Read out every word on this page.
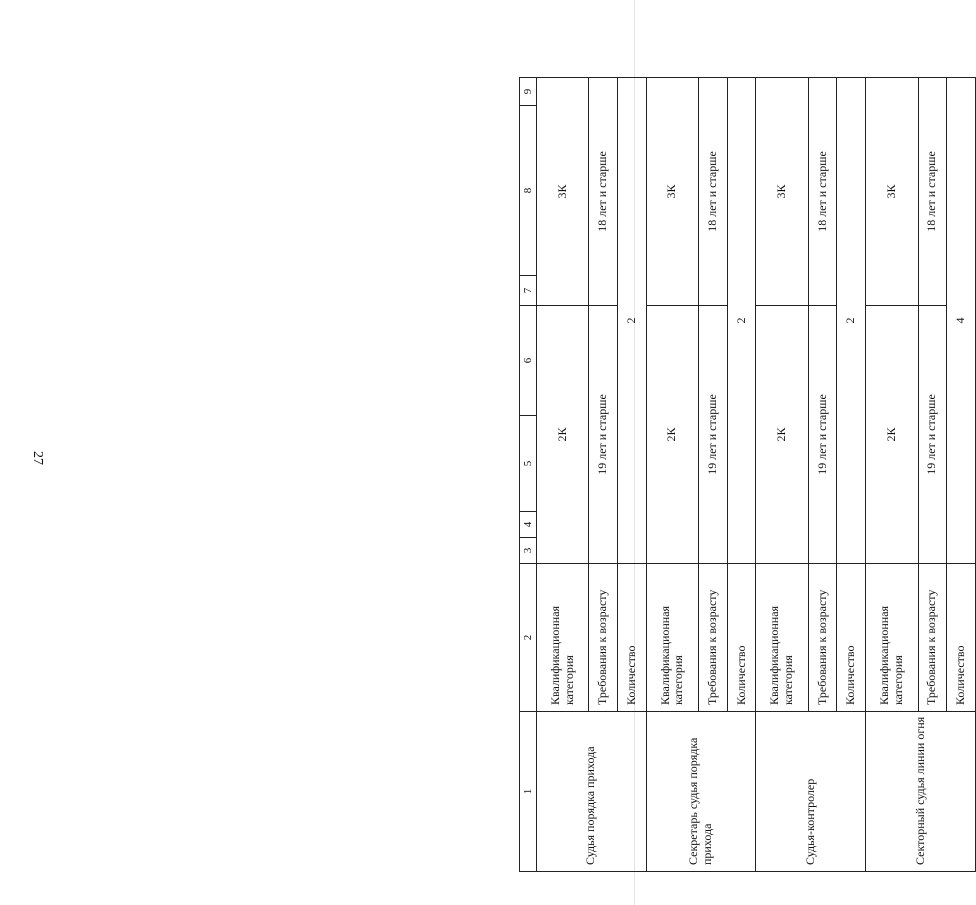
27
1	2	3	4	5	6	7	8	9
Судья порядка прихода	Квалификационная категория	2К				3К		
	Требования к возрасту	19 лет и старше				18 лет и старше		
	Количество	2						
Секретарь судья порядка прихода	Квалификационная категория	2К				3К		
	Требования к возрасту	19 лет и старше				18 лет и старше		
	Количество	2						
Судья-контролер	Квалификационная категория	2К				3К		
	Требования к возрасту	19 лет и старше				18 лет и старше		
	Количество	2						
Секторный судья линии огня	Квалификационная категория	2К				3К		
	Требования к возрасту	19 лет и старше				18 лет и старше		
	Количество	4						
